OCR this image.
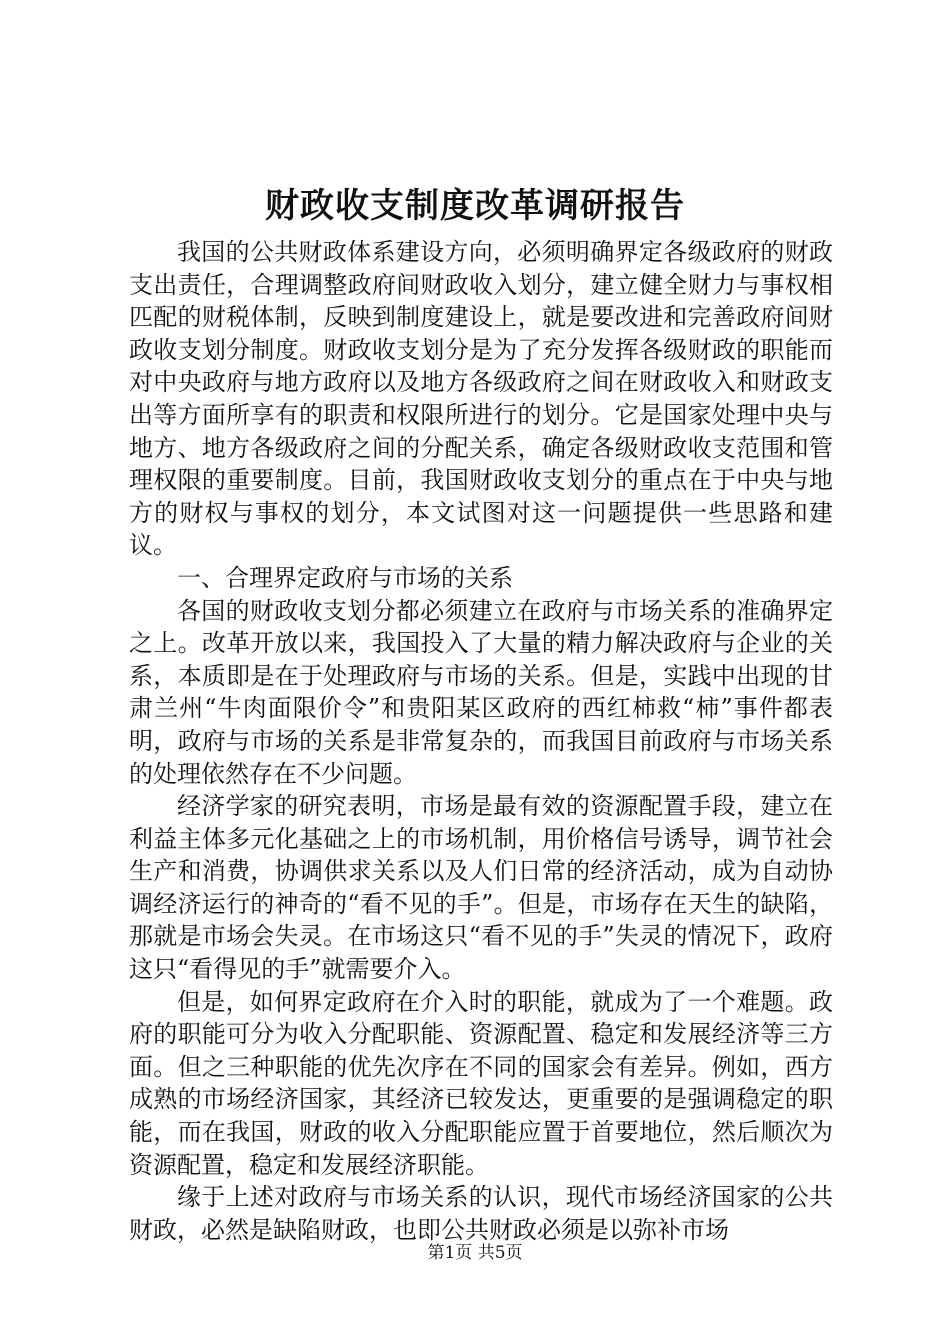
财政收支制度改革调研报告

我国的公共财政体系建设方向，必须明确界定各级政府的财政支出责任，合理调整政府间财政收入划分，建立健全财力与事权相匹配的财税体制，反映到制度建设上，就是要改进和完善政府间财政收支划分制度。财政收支划分是为了充分发挥各级财政的职能而对中央政府与地方政府以及地方各级政府之间在财政收入和财政支出等方面所享有的职责和权限所进行的划分。它是国家处理中央与地方、地方各级政府之间的分配关系，确定各级财政收支范围和管理权限的重要制度。目前，我国财政收支划分的重点在于中央与地方的财权与事权的划分，本文试图对这一问题提供一些思路和建议。

一、合理界定政府与市场的关系

各国的财政收支划分都必须建立在政府与市场关系的准确界定之上。改革开放以来，我国投入了大量的精力解决政府与企业的关系，本质即是在于处理政府与市场的关系。但是，实践中出现的甘肃兰州“牛肉面限价令”和贵阳某区政府的西红柿救“柿”事件都表明，政府与市场的关系是非常复杂的，而我国目前政府与市场关系的处理依然存在不少问题。

经济学家的研究表明，市场是最有效的资源配置手段，建立在利益主体多元化基础之上的市场机制，用价格信号诱导，调节社会生产和消费，协调供求关系以及人们日常的经济活动，成为自动协调经济运行的神奇的“看不见的手”。但是，市场存在天生的缺陷，那就是市场会失灵。在市场这只“看不见的手”失灵的情况下，政府这只“看得见的手”就需要介入。

但是，如何界定政府在介入时的职能，就成为了一个难题。政府的职能可分为收入分配职能、资源配置、稳定和发展经济等三方面。但之三种职能的优先次序在不同的国家会有差异。例如，西方成熟的市场经济国家，其经济已较发达，更重要的是强调稳定的职能，而在我国，财政的收入分配职能应置于首要地位，然后顺次为资源配置，稳定和发展经济职能。

缘于上述对政府与市场关系的认识，现代市场经济国家的公共财政，必然是缺陷财政，也即公共财政必须是以弥补市场

第1页 共5页
